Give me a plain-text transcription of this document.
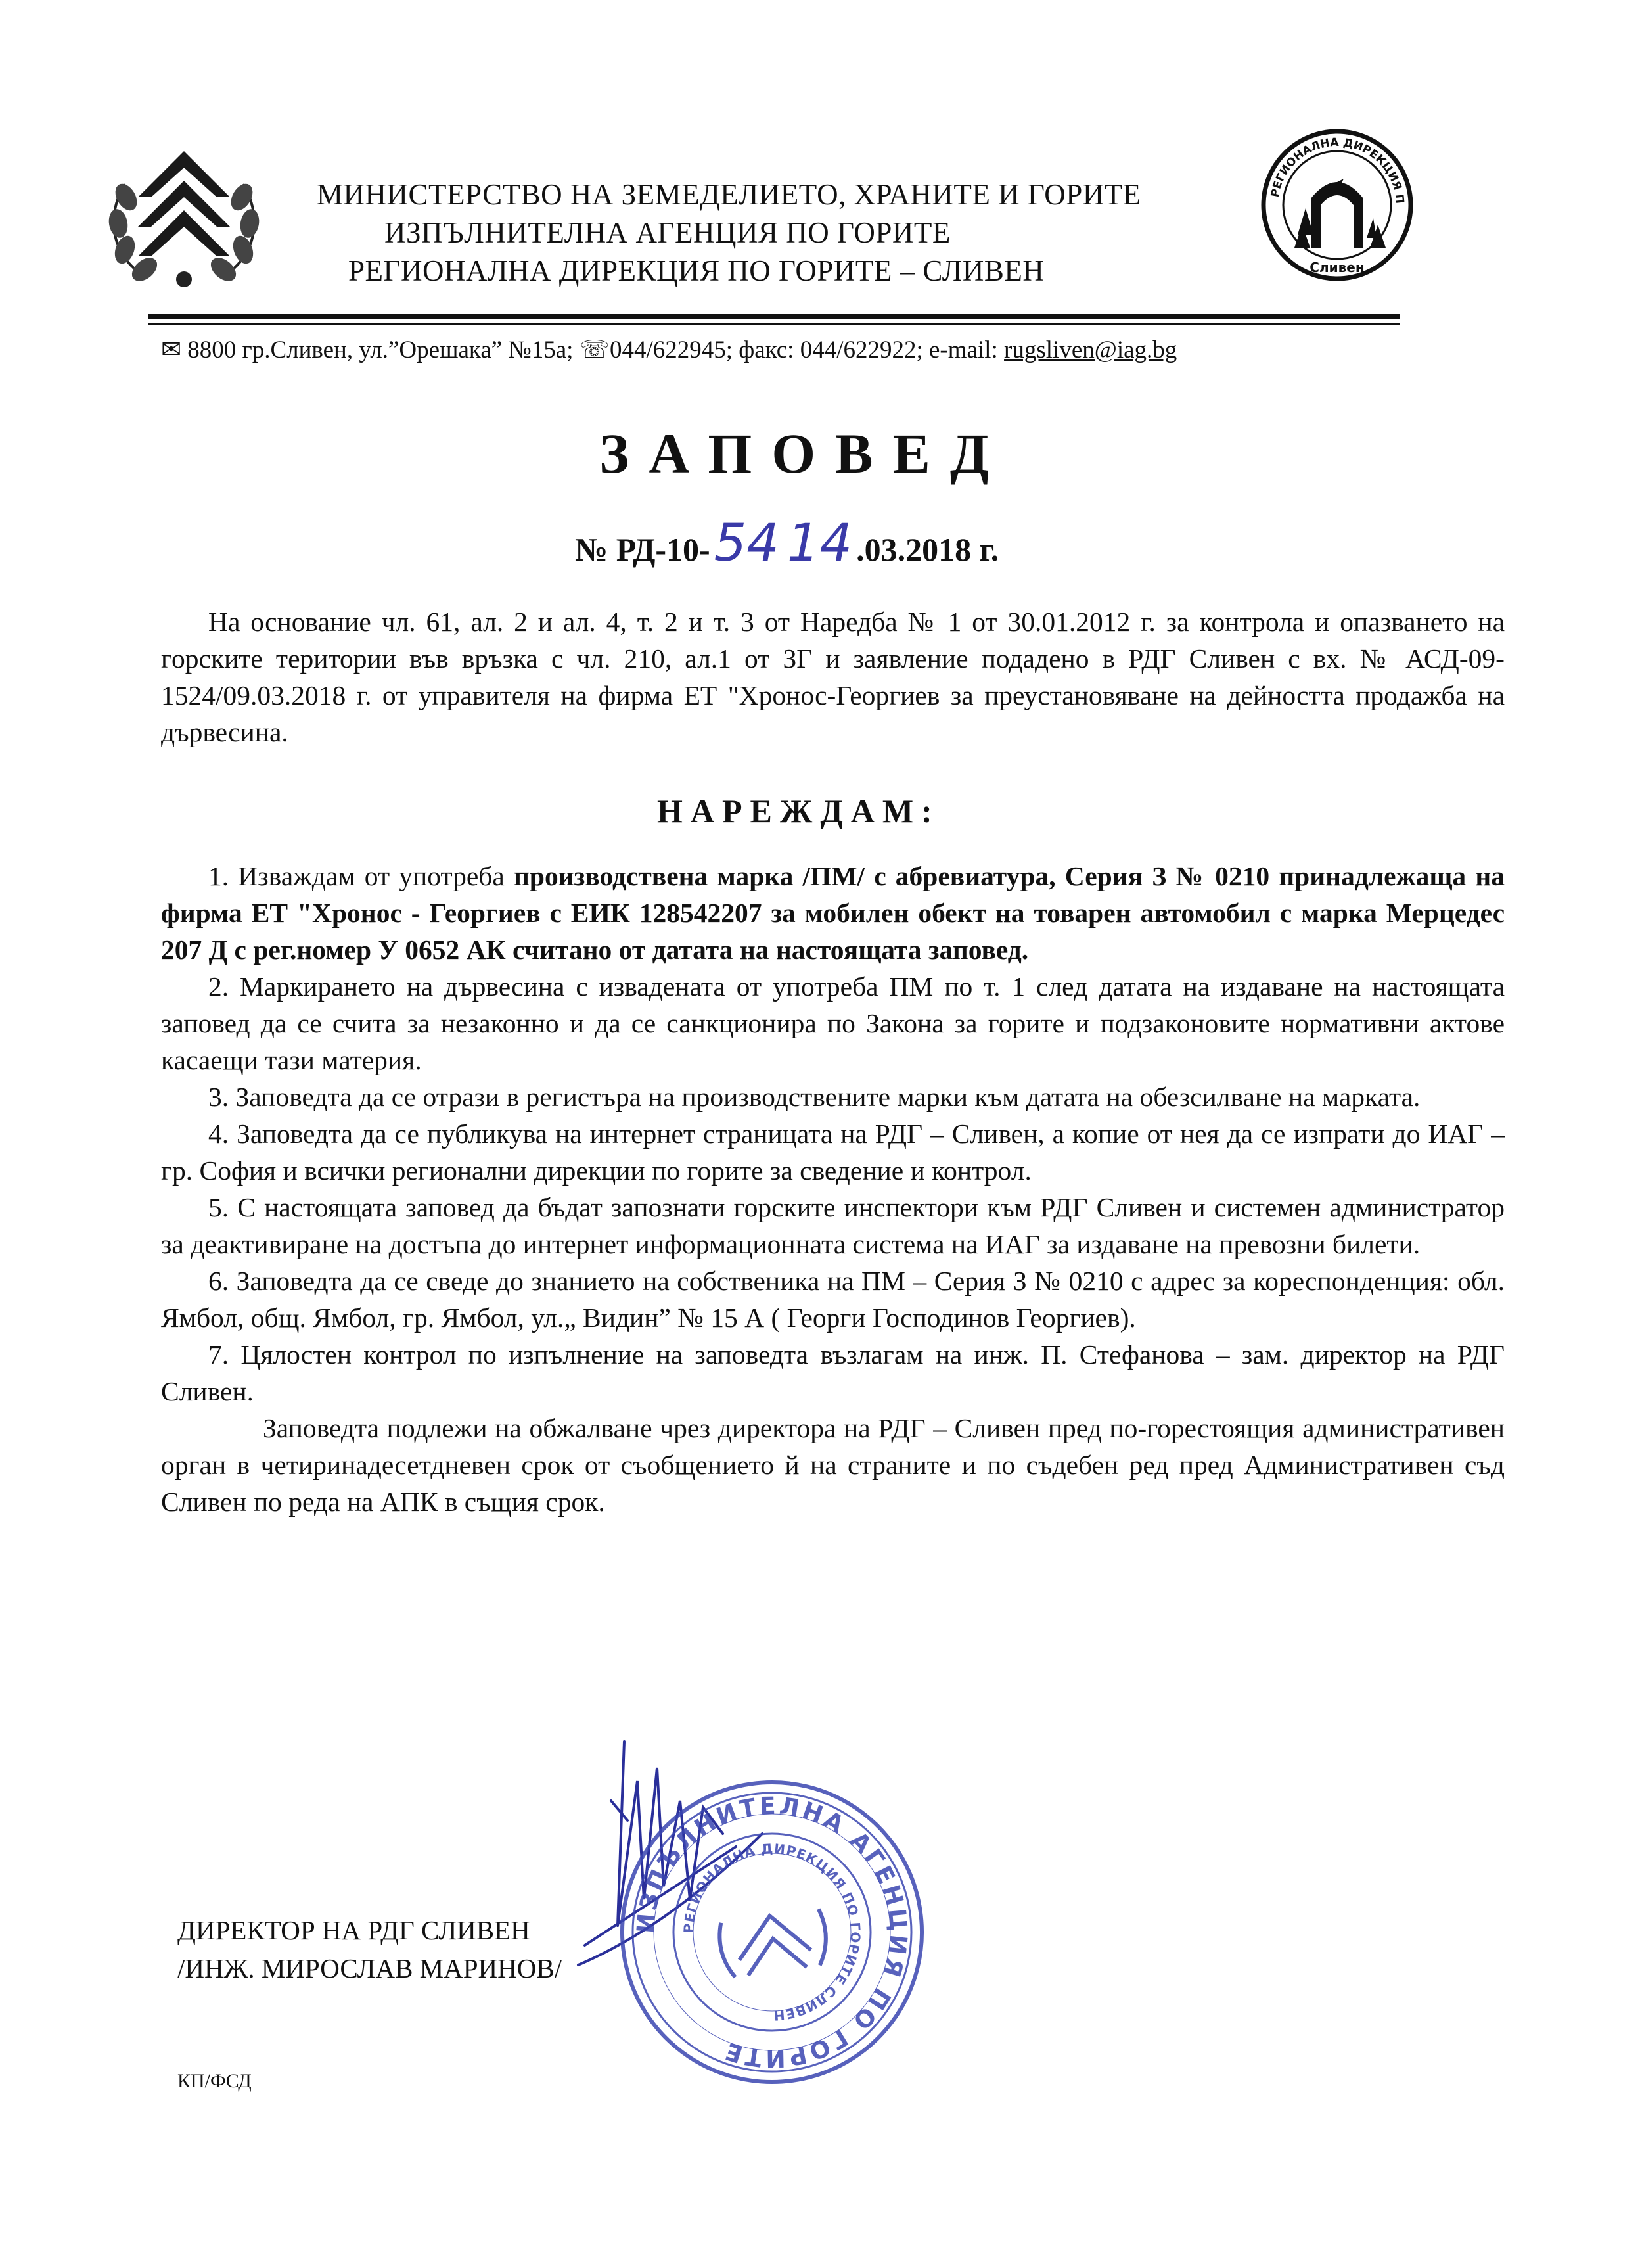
МИНИСТЕРСТВО НА ЗЕМЕДЕЛИЕТО, ХРАНИТЕ И ГОРИТЕ
ИЗПЪЛНИТЕЛНА АГЕНЦИЯ ПО ГОРИТЕ
РЕГИОНАЛНА ДИРЕКЦИЯ ПО ГОРИТЕ – СЛИВЕН
РЕГИОНАЛНА ДИРЕКЦИЯ П
Сливен
✉ 8800 гр.Сливен, ул.”Орешака” №15а; ☏044/622945; факс: 044/622922; e-mail: rugsliven@iag.bg
ЗАПОВЕД
№ РД-10-54 14 .03.2018 г.

На основание чл. 61, ал. 2 и ал. 4, т. 2 и т. 3 от Наредба № 1 от 30.01.2012 г. за контрола и опазването на горските територии във връзка с чл. 210, ал.1 от ЗГ и заявление подадено в РДГ Сливен с вх. № АСД-09-1524/09.03.2018 г. от управителя на фирма ЕТ "Хронос-Георгиев за преустановяване на дейността продажба на дървесина.

НАРЕЖДАМ:

1. Изваждам от употреба производствена марка /ПМ/ с абревиатура, Серия З № 0210 принадлежаща на фирма ЕТ "Хронос - Георгиев с ЕИК 128542207 за мобилен обект на товарен автомобил с марка Мерцедес 207 Д с рег.номер У 0652 АК считано от датата на настоящата заповед.

2. Маркирането на дървесина с извадената от употреба ПМ по т. 1 след датата на издаване на настоящата заповед да се счита за незаконно и да се санкционира по Закона за горите и подзаконовите нормативни актове касаещи тази материя.

3. Заповедта да се отрази в регистъра на производствените марки към датата на обезсилване на марката.

4. Заповедта да се публикува на интернет страницата на РДГ – Сливен, а копие от нея да се изпрати до ИАГ – гр. София и всички регионални дирекции по горите за сведение и контрол.

5. С настоящата заповед да бъдат запознати горските инспектори към РДГ Сливен и системен администратор за деактивиране на достъпа до интернет информационната система на ИАГ за издаване на превозни билети.

6. Заповедта да се сведе до знанието на собственика на ПМ – Серия З № 0210 с адрес за кореспонденция: обл. Ямбол, общ. Ямбол, гр. Ямбол, ул.„ Видин” № 15 А ( Георги Господинов Георгиев).

7. Цялостен контрол по изпълнение на заповедта възлагам на инж. П. Стефанова – зам. директор на РДГ Сливен.

Заповедта подлежи на обжалване чрез директора на РДГ – Сливен пред по-горестоящия административен орган в четиринадесетдневен срок от съобщението й на страните и по съдебен ред пред Административен съд Сливен по реда на АПК в същия срок.

ДИРЕКТОР НА РДГ СЛИВЕН
/ИНЖ. МИРОСЛАВ МАРИНОВ/
ИЗПЪЛНИТЕЛНА АГЕНЦИЯ ПО ГОРИТЕ
РЕГИОНАЛНА ДИРЕКЦИЯ ПО ГОРИТЕ СЛИВЕН
КП/ФСД
